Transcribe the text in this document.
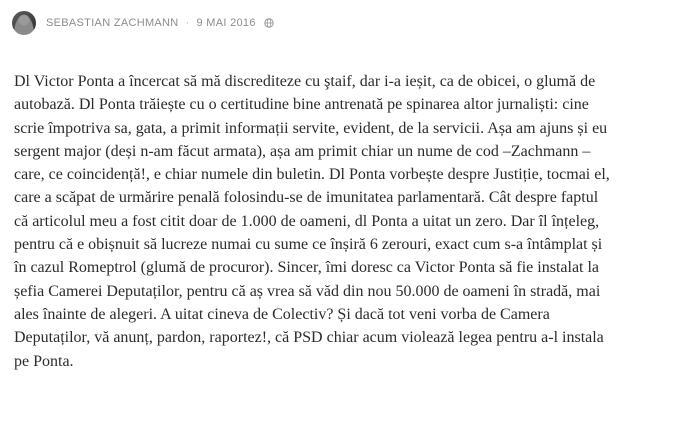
SEBASTIAN ZACHMANN · 9 MAI 2016

Dl Victor Ponta a încercat să mă discrediteze cu ştaif, dar i-a ieșit, ca de obicei, o glumă de
autobază. Dl Ponta trăiește cu o certitudine bine antrenată pe spinarea altor jurnaliști: cine
scrie împotriva sa, gata, a primit informații servite, evident, de la servicii. Așa am ajuns și eu
sergent major (deși n-am făcut armata), așa am primit chiar un nume de cod –Zachmann –
care, ce coincidență!, e chiar numele din buletin. Dl Ponta vorbește despre Justiție, tocmai el,
care a scăpat de urmărire penală folosindu-se de imunitatea parlamentară. Cât despre faptul
că articolul meu a fost citit doar de 1.000 de oameni, dl Ponta a uitat un zero. Dar îl înțeleg,
pentru că e obișnuit să lucreze numai cu sume ce înșiră 6 zerouri, exact cum s-a întâmplat și
în cazul Romeptrol (glumă de procuror). Sincer, îmi doresc ca Victor Ponta să fie instalat la
șefia Camerei Deputaților, pentru că aș vrea să văd din nou 50.000 de oameni în stradă, mai
ales înainte de alegeri. A uitat cineva de Colectiv? Și dacă tot veni vorba de Camera
Deputaților, vă anunț, pardon, raportez!, că PSD chiar acum violează legea pentru a-l instala
pe Ponta.
